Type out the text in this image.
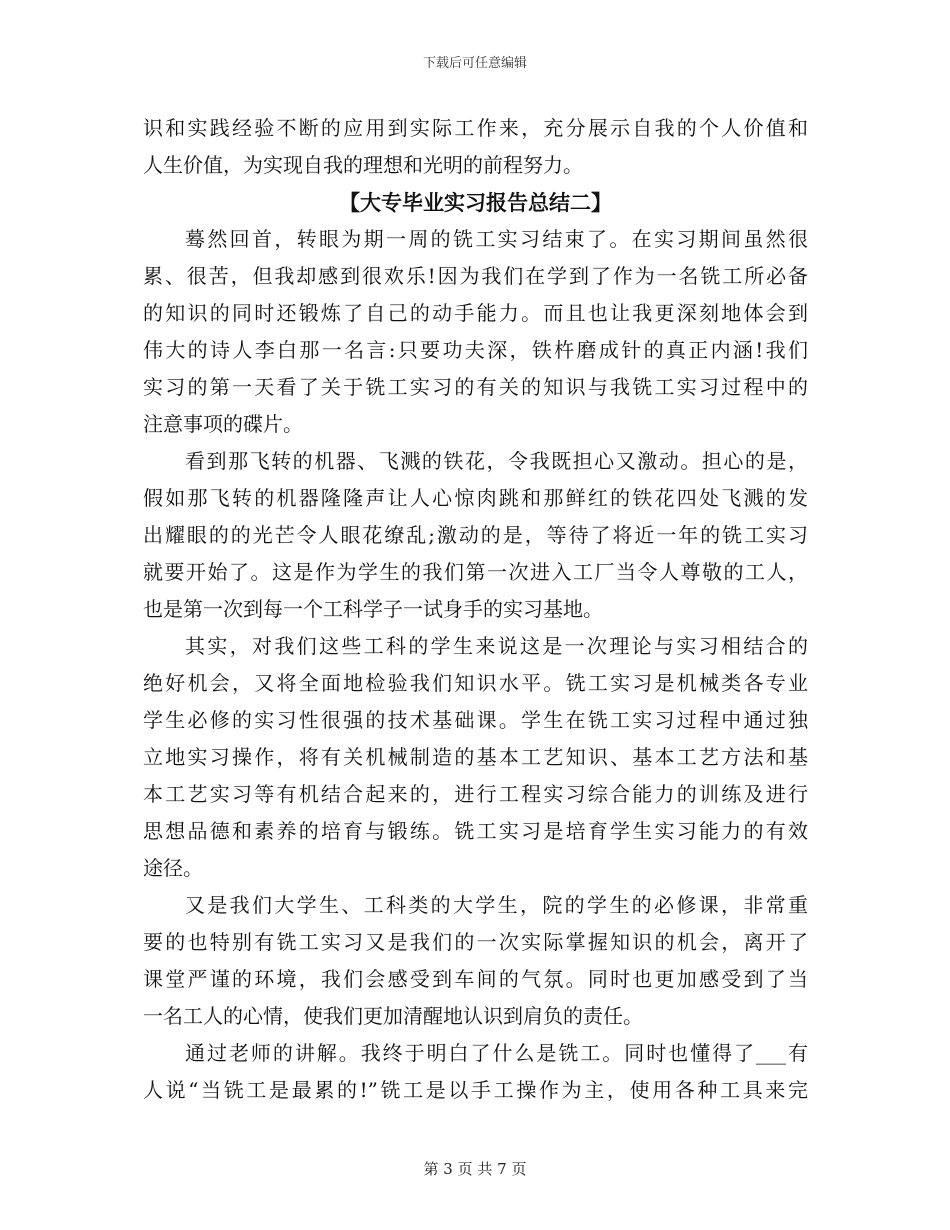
下载后可任意编辑
识和实践经验不断的应用到实际工作来，充分展示自我的个人价值和
人生价值，为实现自我的理想和光明的前程努力。
【大专毕业实习报告总结二】
蓦然回首，转眼为期一周的铣工实习结束了。在实习期间虽然很
累、很苦，但我却感到很欢乐!因为我们在学到了作为一名铣工所必备
的知识的同时还锻炼了自己的动手能力。而且也让我更深刻地体会到
伟大的诗人李白那一名言:只要功夫深，铁杵磨成针的真正内涵!我们
实习的第一天看了关于铣工实习的有关的知识与我铣工实习过程中的
注意事项的碟片。
看到那飞转的机器、飞溅的铁花，令我既担心又激动。担心的是，
假如那飞转的机器隆隆声让人心惊肉跳和那鲜红的铁花四处飞溅的发
出耀眼的的光芒令人眼花缭乱;激动的是，等待了将近一年的铣工实习
就要开始了。这是作为学生的我们第一次进入工厂当令人尊敬的工人，
也是第一次到每一个工科学子一试身手的实习基地。
其实，对我们这些工科的学生来说这是一次理论与实习相结合的
绝好机会，又将全面地检验我们知识水平。铣工实习是机械类各专业
学生必修的实习性很强的技术基础课。学生在铣工实习过程中通过独
立地实习操作，将有关机械制造的基本工艺知识、基本工艺方法和基
本工艺实习等有机结合起来的，进行工程实习综合能力的训练及进行
思想品德和素养的培育与锻练。铣工实习是培育学生实习能力的有效
途径。
又是我们大学生、工科类的大学生，院的学生的必修课，非常重
要的也特别有铣工实习又是我们的一次实际掌握知识的机会，离开了
课堂严谨的环境，我们会感受到车间的气氛。同时也更加感受到了当
一名工人的心情，使我们更加清醒地认识到肩负的责任。
通过老师的讲解。我终于明白了什么是铣工。同时也懂得了___有
人说“当铣工是最累的!”铣工是以手工操作为主，使用各种工具来完
第 3 页 共 7 页
